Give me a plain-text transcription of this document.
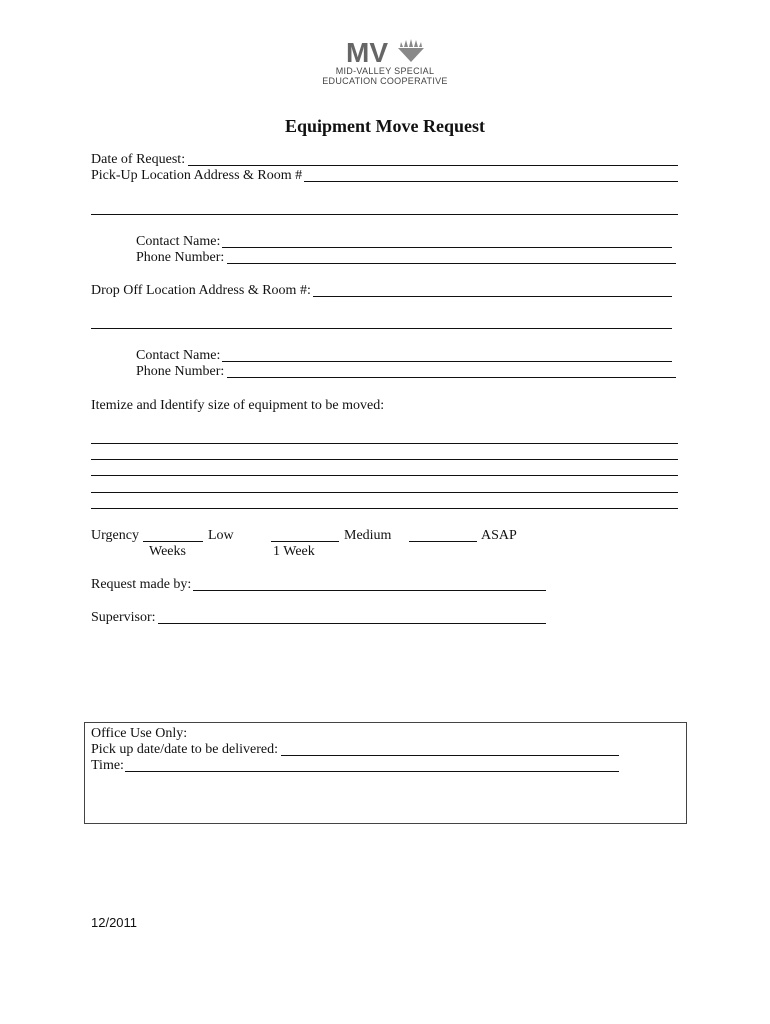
MV
MID-VALLEY SPECIAL
EDUCATION COOPERATIVE
Equipment Move Request
Date of Request:
Pick-Up Location Address & Room #
Contact Name:
Phone Number:
Drop Off Location Address & Room #:
Contact Name:
Phone Number:
Itemize and Identify size of equipment to be moved:
Urgency	Low
Weeks
Medium
1 Week
ASAP
Request made by:
Supervisor:
Office Use Only:
Pick up date/date to be delivered:
Time:
12/2011
